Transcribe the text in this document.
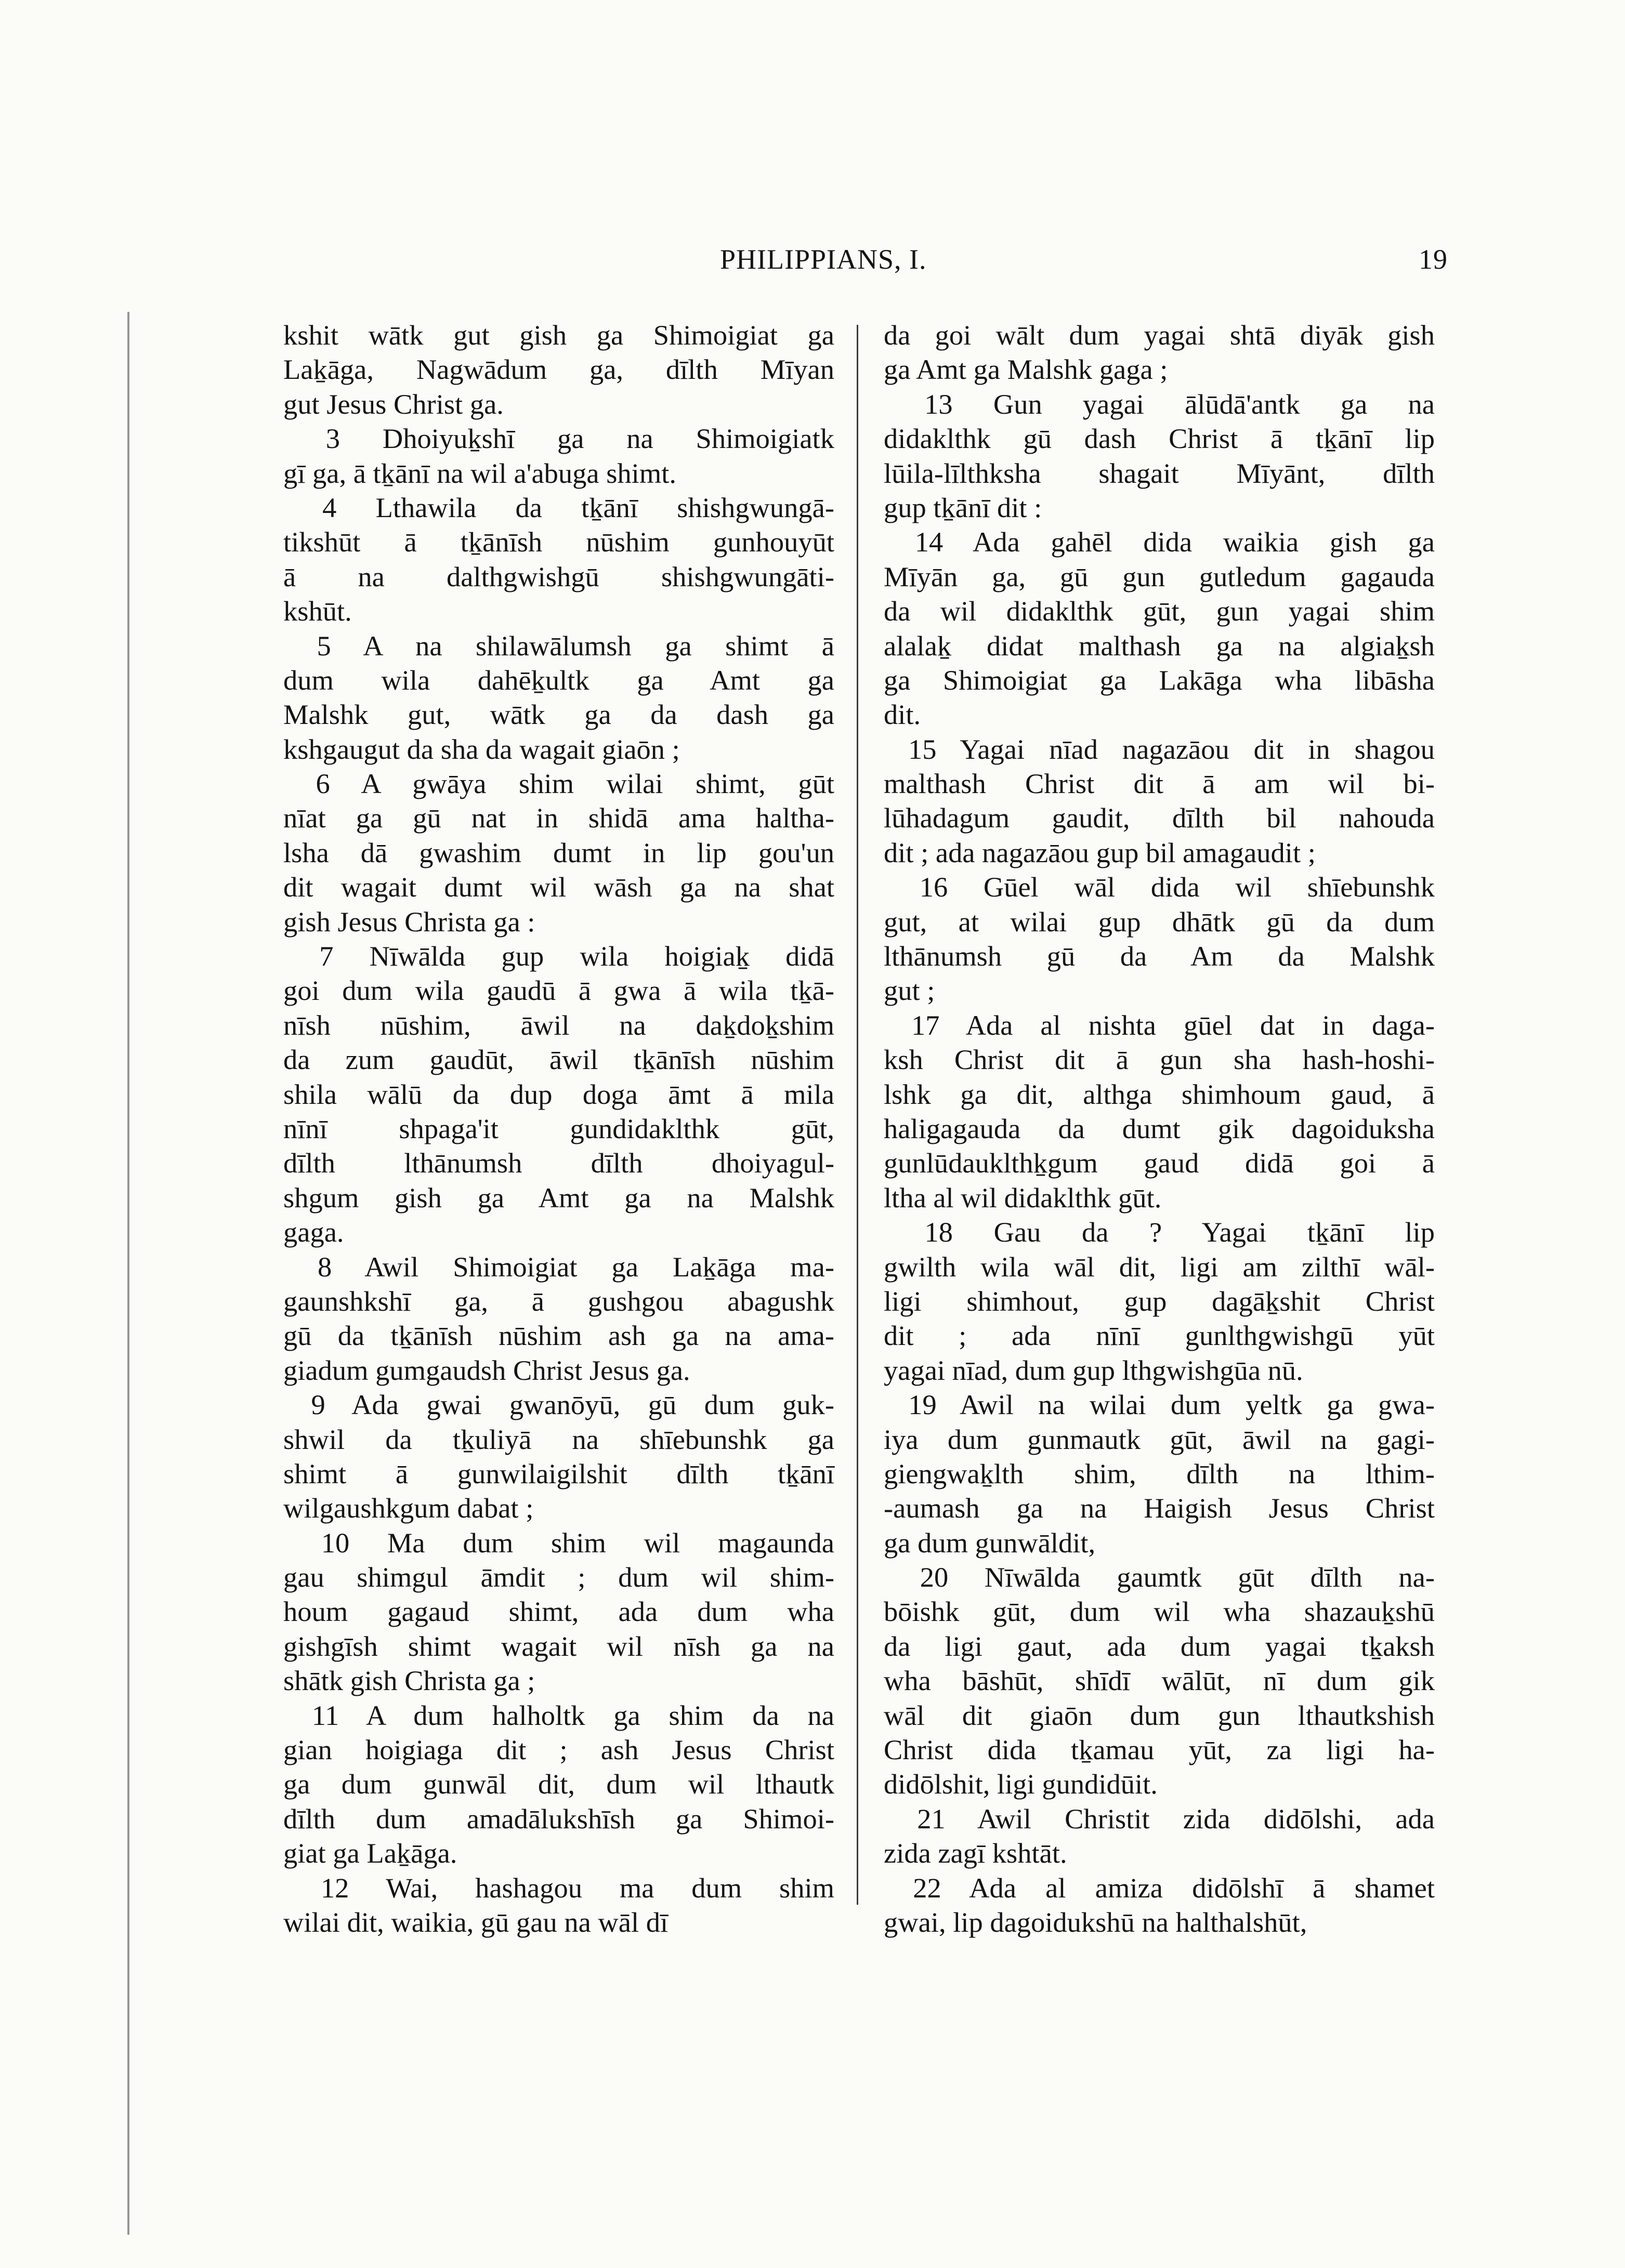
PHILIPPIANS, I.	19
kshit wātk gut gish ga Shimoigiat ga
Laḵāga, Nagwādum ga, dīlth Mīyan
gut Jesus Christ ga.
3 Dhoiyuḵshī ga na Shimoigiatk
gī ga, ā tḵānī na wil a'abuga shimt.
4 Lthawila da tḵānī shishgwungā-
tikshūt ā tḵānīsh nūshim gunhouyūt
ā na dalthgwishgū shishgwungāti-
kshūt.
5 A na shilawālumsh ga shimt ā
dum wila dahēḵultk ga Amt ga
Malshk gut, wātk ga da dash ga
kshgaugut da sha da wagait giaōn ;
6 A gwāya shim wilai shimt, gūt
nīat ga gū nat in shidā ama haltha-
lsha dā gwashim dumt in lip gou'un
dit wagait dumt wil wāsh ga na shat
gish Jesus Christa ga :
7 Nīwālda gup wila hoigiaḵ didā
goi dum wila gaudū ā gwa ā wila tḵā-
nīsh nūshim, āwil na daḵdoḵshim
da zum gaudūt, āwil tḵānīsh nūshim
shila wālū da dup doga āmt ā mila
nīnī shpaga'it gundidaklthk gūt,
dīlth lthānumsh dīlth dhoiyagul-
shgum gish ga Amt ga na Malshk
gaga.
8 Awil Shimoigiat ga Laḵāga ma-
gaunshkshī ga, ā gushgou abagushk
gū da tḵānīsh nūshim ash ga na ama-
giadum gumgaudsh Christ Jesus ga.
9 Ada gwai gwanōyū, gū dum guk-
shwil da tḵuliyā na shīebunshk ga
shimt ā gunwilaigilshit dīlth tḵānī
wilgaushkgum dabat ;
10 Ma dum shim wil magaunda
gau shimgul āmdit ; dum wil shim-
houm gagaud shimt, ada dum wha
gishgīsh shimt wagait wil nīsh ga na
shātk gish Christa ga ;
11 A dum halholtk ga shim da na
gian hoigiaga dit ; ash Jesus Christ
ga dum gunwāl dit, dum wil lthautk
dīlth dum amadālukshīsh ga Shimoi-
giat ga Laḵāga.
12 Wai, hashagou ma dum shim
wilai dit, waikia, gū gau na wāl dī
da goi wālt dum yagai shtā diyāk gish
ga Amt ga Malshk gaga ;
13 Gun yagai ālūdā'antk ga na
didaklthk gū dash Christ ā tḵānī lip
lūila-līlthksha shagait Mīyānt, dīlth
gup tḵānī dit :
14 Ada gahēl dida waikia gish ga
Mīyān ga, gū gun gutledum gagauda
da wil didaklthk gūt, gun yagai shim
alalaḵ didat malthash ga na algiaḵsh
ga Shimoigiat ga Lakāga wha libāsha
dit.
15 Yagai nīad nagazāou dit in shagou
malthash Christ dit ā am wil bi-
lūhadagum gaudit, dīlth bil nahouda
dit ; ada nagazāou gup bil amagaudit ;
16 Gūel wāl dida wil shīebunshk
gut, at wilai gup dhātk gū da dum
lthānumsh gū da Am da Malshk
gut ;
17 Ada al nishta gūel dat in daga-
ksh Christ dit ā gun sha hash-hoshi-
lshk ga dit, althga shimhoum gaud, ā
haligagauda da dumt gik dagoiduksha
gunlūdauklthḵgum gaud didā goi ā
ltha al wil didaklthk gūt.
18 Gau da ? Yagai tḵānī lip
gwilth wila wāl dit, ligi am zilthī wāl-
ligi shimhout, gup dagāḵshit Christ
dit ; ada nīnī gunlthgwishgū yūt
yagai nīad, dum gup lthgwishgūa nū.
19 Awil na wilai dum yeltk ga gwa-
iya dum gunmautk gūt, āwil na gagi-
giengwaḵlth shim, dīlth na lthim-
-aumash ga na Haigish Jesus Christ
ga dum gunwāldit,
20 Nīwālda gaumtk gūt dīlth na-
bōishk gūt, dum wil wha shazauḵshū
da ligi gaut, ada dum yagai tḵaksh
wha bāshūt, shīdī wālūt, nī dum gik
wāl dit giaōn dum gun lthautkshish
Christ dida tḵamau yūt, za ligi ha-
didōlshit, ligi gundidūit.
21 Awil Christit zida didōlshi, ada
zida zagī kshtāt.
22 Ada al amiza didōlshī ā shamet
gwai, lip dagoidukshū na halthalshūt,
